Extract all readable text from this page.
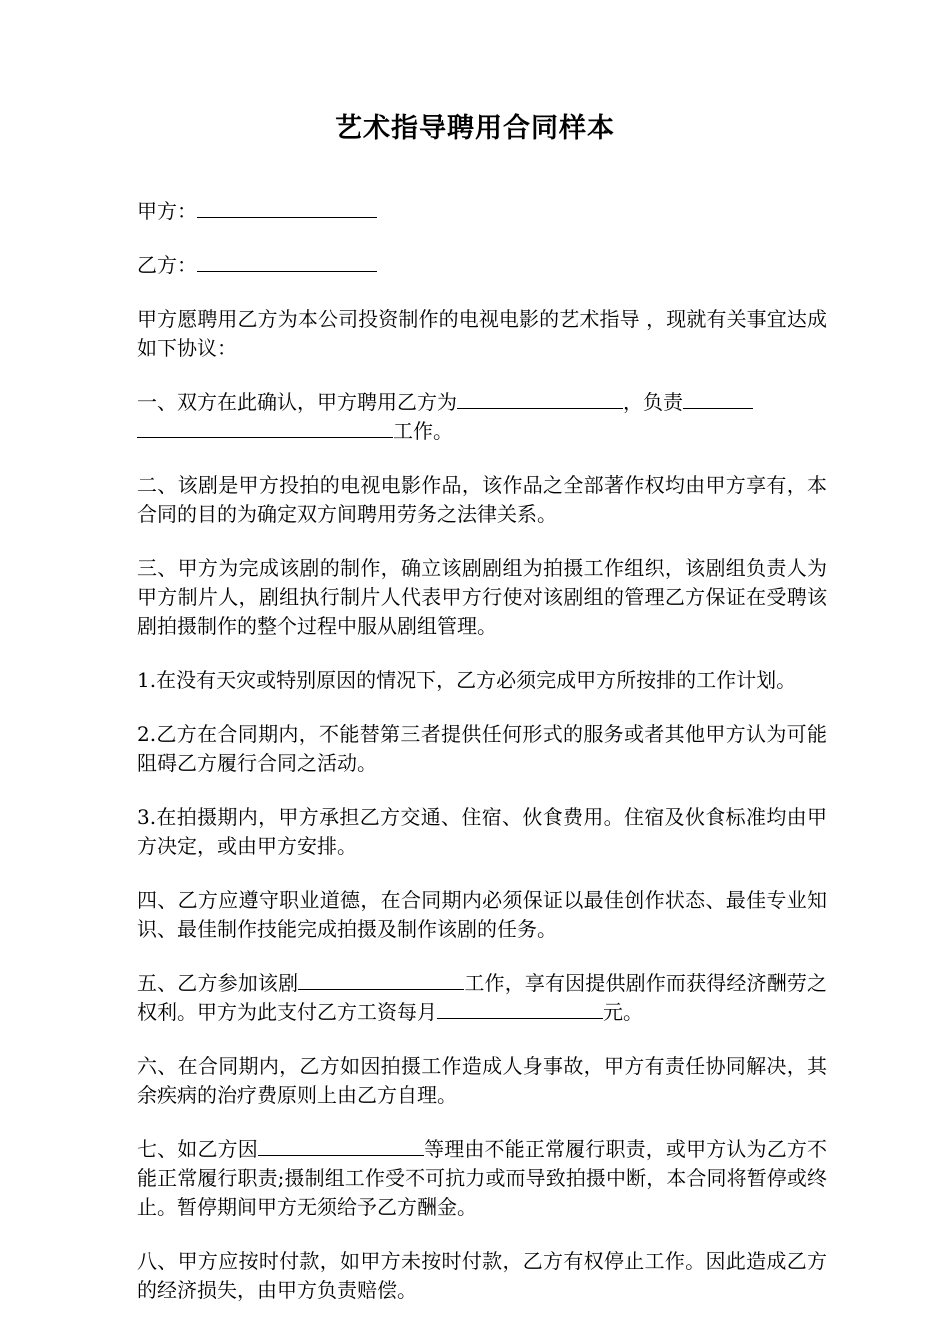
艺术指导聘用合同样本

甲方：

乙方：

甲方愿聘用乙方为本公司投资制作的电视电影的艺术指导 ，现就有关事宜达成如下协议：

一、双方在此确认，甲方聘用乙方为	，负责
工作。

二、该剧是甲方投拍的电视电影作品，该作品之全部著作权均由甲方享有，本合同的目的为确定双方间聘用劳务之法律关系。

三、甲方为完成该剧的制作，确立该剧剧组为拍摄工作组织，该剧组负责人为甲方制片人，剧组执行制片人代表甲方行使对该剧组的管理乙方保证在受聘该剧拍摄制作的整个过程中服从剧组管理。

1.在没有天灾或特别原因的情况下，乙方必须完成甲方所按排的工作计划。

2.乙方在合同期内，不能替第三者提供任何形式的服务或者其他甲方认为可能阻碍乙方履行合同之活动。

3.在拍摄期内，甲方承担乙方交通、住宿、伙食费用。住宿及伙食标准均由甲方决定，或由甲方安排。

四、乙方应遵守职业道德，在合同期内必须保证以最佳创作状态、最佳专业知识、最佳制作技能完成拍摄及制作该剧的任务。

五、乙方参加该剧	工作，享有因提供剧作而获得经济酬劳之权利。甲方为此支付乙方工资每月	元。

六、在合同期内，乙方如因拍摄工作造成人身事故，甲方有责任协同解决，其余疾病的治疗费原则上由乙方自理。

七、如乙方因	等理由不能正常履行职责，或甲方认为乙方不能正常履行职责;摄制组工作受不可抗力或而导致拍摄中断，本合同将暂停或终止。暂停期间甲方无须给予乙方酬金。

八、甲方应按时付款，如甲方未按时付款，乙方有权停止工作。因此造成乙方的经济损失，由甲方负责赔偿。
